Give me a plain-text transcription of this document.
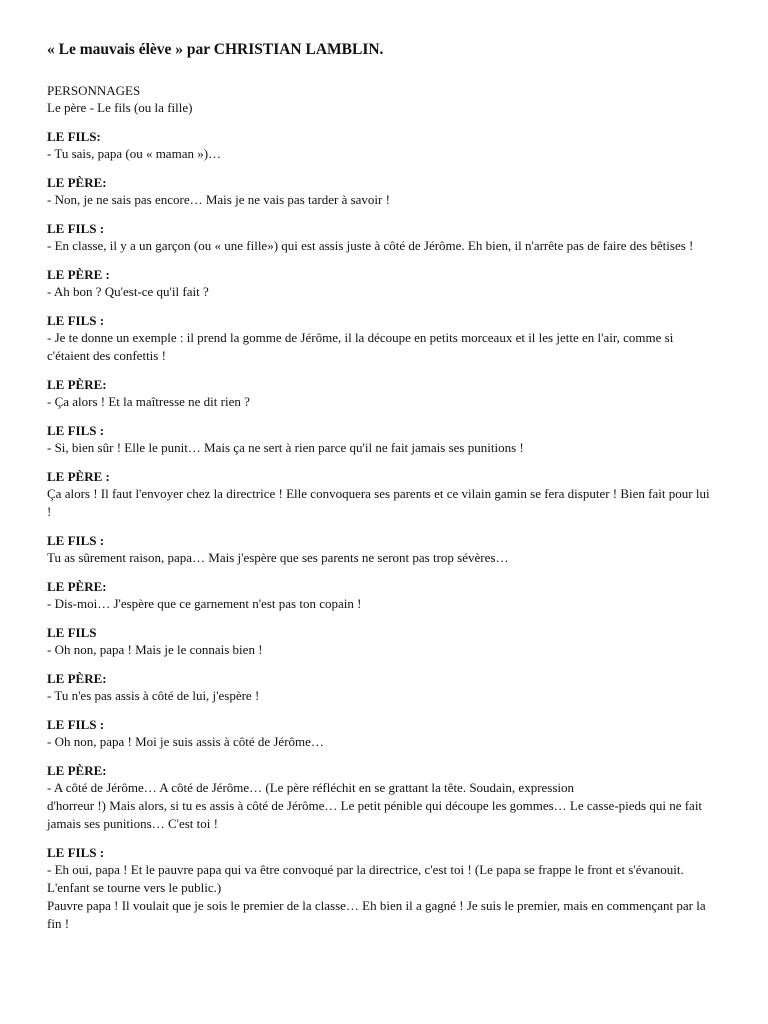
« Le mauvais élève » par CHRISTIAN LAMBLIN.

PERSONNAGES

Le père - Le fils (ou la fille)

LE FILS:

- Tu sais, papa (ou « maman »)…

LE PÈRE:

- Non, je ne sais pas encore… Mais je ne vais pas tarder à savoir !

LE FILS :

- En classe, il y a un garçon (ou « une fille») qui est assis juste à côté de Jérôme. Eh bien, il n'arrête pas de faire des bêtises !

LE PÈRE :

- Ah bon ? Qu'est-ce qu'il fait ?

LE FILS :

- Je te donne un exemple : il prend la gomme de Jérôme, il la découpe en petits morceaux et il les jette en l'air, comme si c'étaient des confettis !

LE PÈRE:

- Ça alors ! Et la maîtresse ne dit rien ?

LE FILS :

- Si, bien sûr ! Elle le punit… Mais ça ne sert à rien parce qu'il ne fait jamais ses punitions !

LE PÈRE :

Ça alors ! Il faut l'envoyer chez la directrice ! Elle convoquera ses parents et ce vilain gamin se fera disputer ! Bien fait pour lui !

LE FILS :

Tu as sûrement raison, papa… Mais j'espère que ses parents ne seront pas trop sévères…

LE PÈRE:

- Dis-moi… J'espère que ce garnement n'est pas ton copain !

LE FILS

- Oh non, papa ! Mais je le connais bien !

LE PÈRE:

- Tu n'es pas assis à côté de lui, j'espère !

LE FILS :

- Oh non, papa ! Moi je suis assis à côté de Jérôme…

LE PÈRE:

- A côté de Jérôme… A côté de Jérôme… (Le père réfléchit en se grattant la tête. Soudain, expression

d'horreur !) Mais alors, si tu es assis à côté de Jérôme… Le petit pénible qui découpe les gommes… Le casse-pieds qui ne fait jamais ses punitions… C'est toi !

LE FILS :

- Eh oui, papa ! Et le pauvre papa qui va être convoqué par la directrice, c'est toi ! (Le papa se frappe le front et s'évanouit. L'enfant se tourne vers le public.)

Pauvre papa ! Il voulait que je sois le premier de la classe… Eh bien il a gagné ! Je suis le premier, mais en commençant par la fin !
